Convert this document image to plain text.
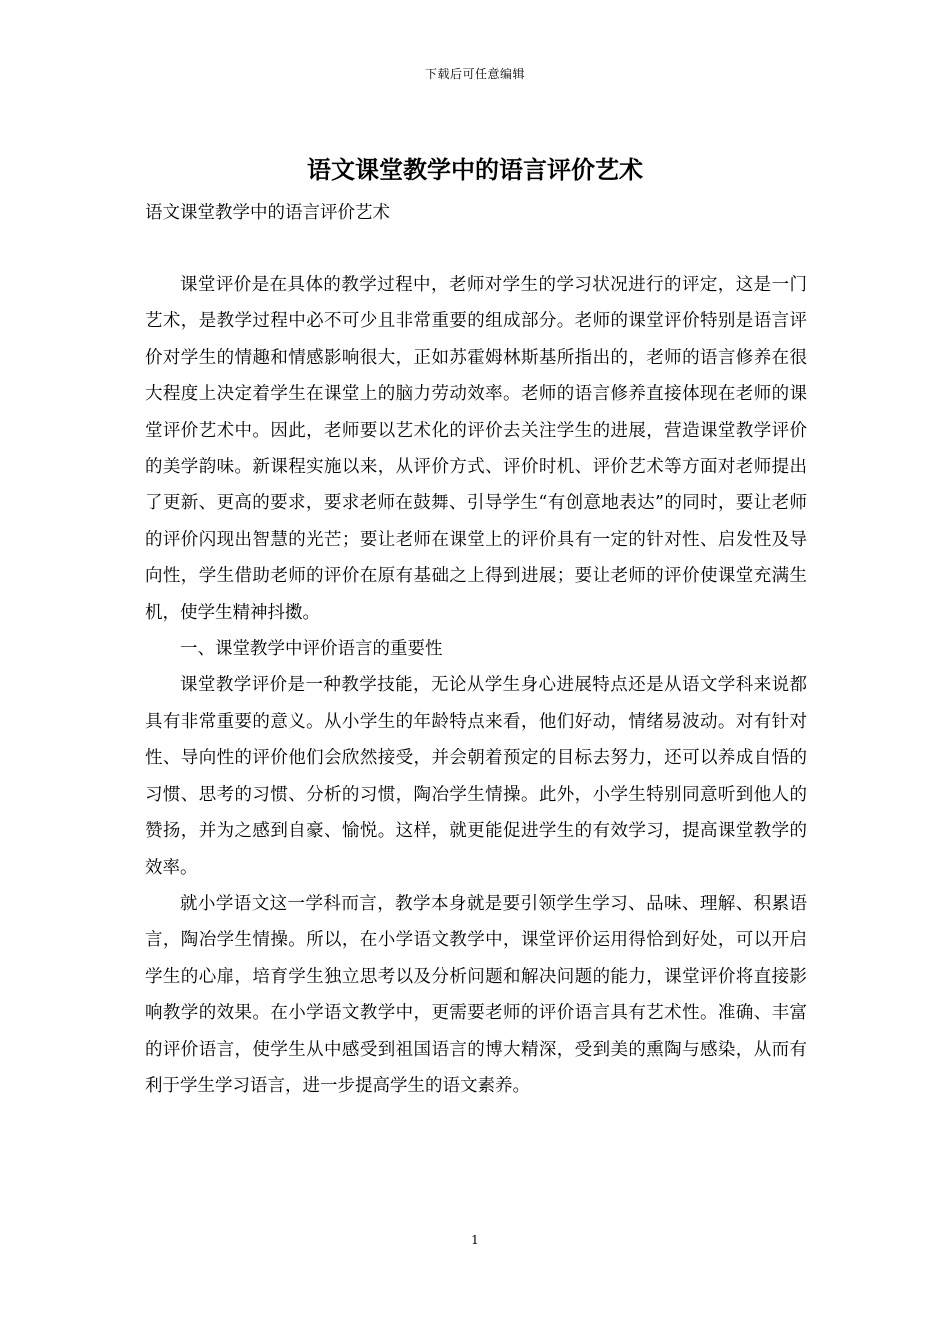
下载后可任意编辑
语文课堂教学中的语言评价艺术
语文课堂教学中的语言评价艺术

课堂评价是在具体的教学过程中，老师对学生的学习状况进行的评定，这是一门艺术，是教学过程中必不可少且非常重要的组成部分。老师的课堂评价特别是语言评价对学生的情趣和情感影响很大，正如苏霍姆林斯基所指出的，老师的语言修养在很大程度上决定着学生在课堂上的脑力劳动效率。老师的语言修养直接体现在老师的课堂评价艺术中。因此，老师要以艺术化的评价去关注学生的进展，营造课堂教学评价的美学韵味。新课程实施以来，从评价方式、评价时机、评价艺术等方面对老师提出了更新、更高的要求，要求老师在鼓舞、引导学生“有创意地表达”的同时，要让老师的评价闪现出智慧的光芒；要让老师在课堂上的评价具有一定的针对性、启发性及导向性，学生借助老师的评价在原有基础之上得到进展；要让老师的评价使课堂充满生机，使学生精神抖擞。

一、课堂教学中评价语言的重要性

课堂教学评价是一种教学技能，无论从学生身心进展特点还是从语文学科来说都具有非常重要的意义。从小学生的年龄特点来看，他们好动，情绪易波动。对有针对性、导向性的评价他们会欣然接受，并会朝着预定的目标去努力，还可以养成自悟的习惯、思考的习惯、分析的习惯，陶冶学生情操。此外，小学生特别同意听到他人的赞扬，并为之感到自豪、愉悦。这样，就更能促进学生的有效学习，提高课堂教学的效率。

就小学语文这一学科而言，教学本身就是要引领学生学习、品味、理解、积累语言，陶冶学生情操。所以，在小学语文教学中，课堂评价运用得恰到好处，可以开启学生的心扉，培育学生独立思考以及分析问题和解决问题的能力，课堂评价将直接影响教学的效果。在小学语文教学中，更需要老师的评价语言具有艺术性。准确、丰富的评价语言，使学生从中感受到祖国语言的博大精深，受到美的熏陶与感染，从而有利于学生学习语言，进一步提高学生的语文素养。

1
